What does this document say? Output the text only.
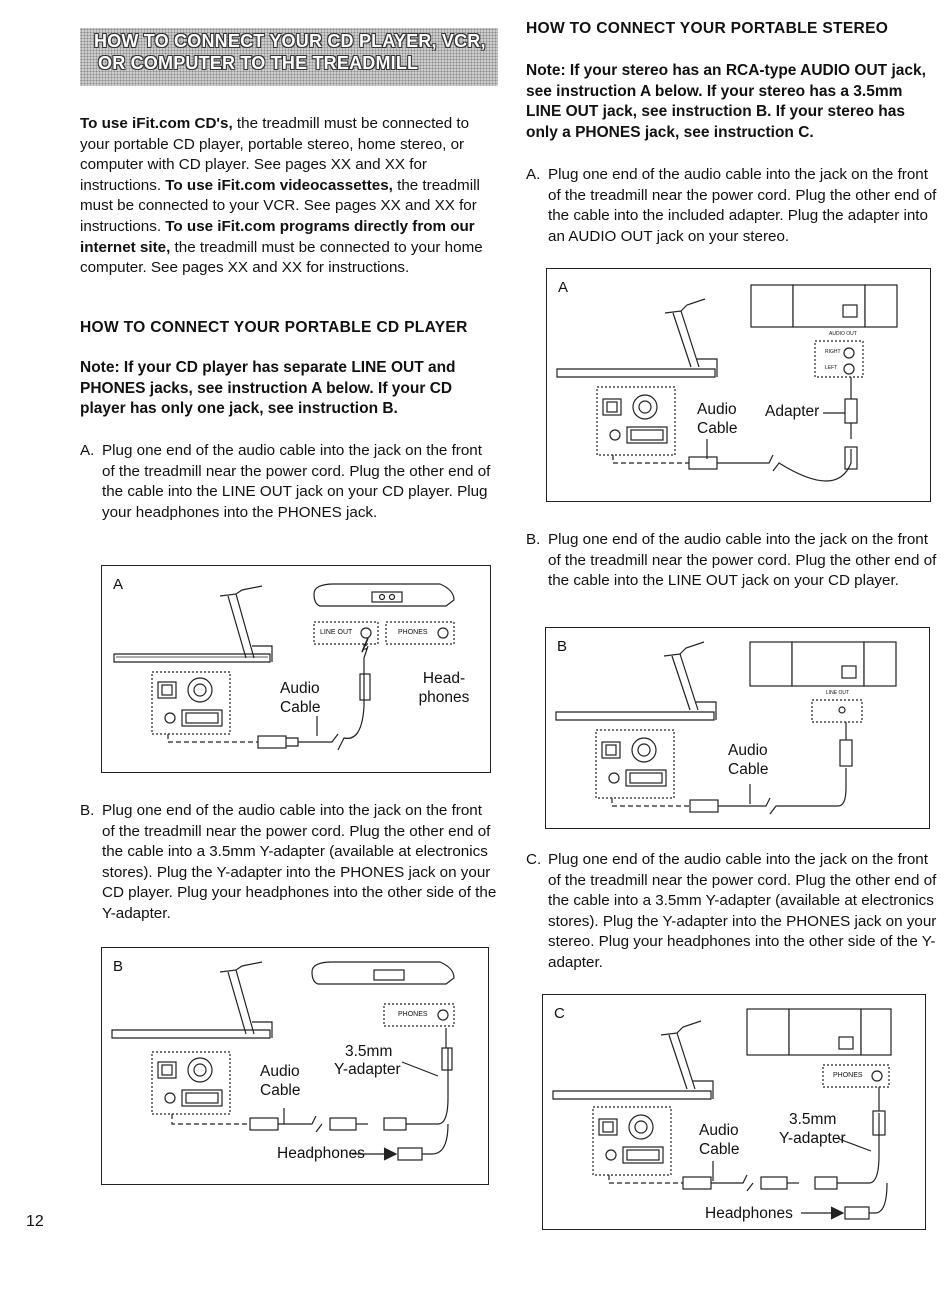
HOW TO CONNECT YOUR CD PLAYER, VCR,
OR COMPUTER TO THE TREADMILL
To use iFit.com CD's, the treadmill must be connected to your portable CD player, portable stereo, home stereo, or computer with CD player. See pages XX and XX for instructions. To use iFit.com videocassettes, the treadmill must be connected to your VCR. See pages XX and XX for instructions. To use iFit.com programs directly from our internet site, the treadmill must be connected to your home computer. See pages XX and XX for instructions.
HOW TO CONNECT YOUR PORTABLE CD PLAYER
Note: If your CD player has separate LINE OUT and PHONES jacks, see instruction A below. If your CD player has only one jack, see instruction B.
A. Plug one end of the audio cable into the jack on the front of the treadmill near the power cord. Plug the other end of the cable into the LINE OUT jack on your CD player. Plug your headphones into the PHONES jack.
A
LINE OUT	PHONES
Audio
Cable
Head-
phones
B. Plug one end of the audio cable into the jack on the front of the treadmill near the power cord. Plug the other end of the cable into a 3.5mm Y-adapter (available at electronics stores). Plug the Y-adapter into the PHONES jack on your CD player. Plug your headphones into the other side of the Y-adapter.
B
PHONES
3.5mm
Y-adapter
Audio
Cable
Headphones
HOW TO CONNECT YOUR PORTABLE STEREO
Note: If your stereo has an RCA-type AUDIO OUT jack, see instruction A below. If your stereo has a 3.5mm LINE OUT jack, see instruction B. If your stereo has only a PHONES jack, see instruction C.
A. Plug one end of the audio cable into the jack on the front of the treadmill near the power cord. Plug the other end of the cable into the included adapter. Plug the adapter into an AUDIO OUT jack on your stereo.
A
AUDIO OUT
RIGHT
LEFT
Audio
Cable
Adapter
B. Plug one end of the audio cable into the jack on the front of the treadmill near the power cord. Plug the other end of the cable into the LINE OUT jack on your CD player.
B
LINE OUT
Audio
Cable
C. Plug one end of the audio cable into the jack on the front of the treadmill near the power cord. Plug the other end of the cable into a 3.5mm Y-adapter (available at electronics stores). Plug the Y-adapter into the PHONES jack on your stereo. Plug your headphones into the other side of the Y-adapter.
C
PHONES
3.5mm
Y-adapter
Audio
Cable
Headphones
12
